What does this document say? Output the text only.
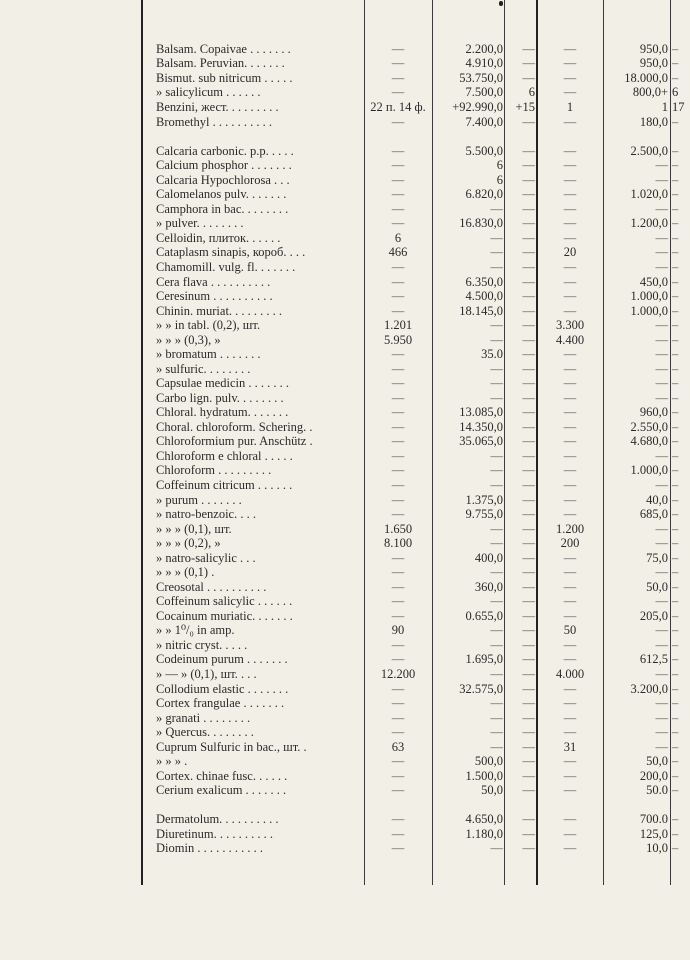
Balsam. Copaivae . . . . . . .	—	2.200,0	—	—	950,0 –
Balsam. Peruvian. . . . . . .	—	4.910,0	—	—	950,0 –
Bismut. sub nitricum . . . . .	—	53.750,0	—	—	18.000,0 –
» salicylicum . . . . . .	—	7.500,0	6	—	800,0+ 6
Benzini, жест. . . . . . . . .	22 п. 14 ф.	+92.990,0 +15	1	1 17
Bromethyl . . . . . . . . . .	—	7.400,0	—	—	180,0 –
Calcaria carbonic. p.p. . . . .	—	5.500,0	—	—	2.500,0 –
Calcium phosphor . . . . . . .	—	6	—	—	— –
Calcaria Hypochlorosa . . .	—	6	—	—	— –
Calomelanos pulv. . . . . . .	—	6.820,0	—	—	1.020,0 –
Camphora in bac. . . . . . . .	—	—	—	—	— –
» pulver. . . . . . . .	—	16.830,0	—	—	1.200,0 –
Celloidin, плиток. . . . . .	6	—	—	—	— –
Cataplasm sinapis, короб. . . .	466	—	—	20	— –
Chamomill. vulg. fl. . . . . . .	—	—	—	—	— –
Cera flava . . . . . . . . . .	—	6.350,0	—	—	450,0 –
Ceresinum . . . . . . . . . .	—	4.500,0	—	—	1.000,0 –
Chinin. muriat. . . . . . . . .	—	18.145,0	—	—	1.000,0 –
» » in tabl. (0,2), шт.	1.201	—	—	3.300	— –
» » » (0,3), »	5.950	—	—	4.400	— –
» bromatum . . . . . . .	—	35.0	—	—	— –
» sulfuric. . . . . . . .	—	—	—	—	— –
Capsulae medicin . . . . . . .	—	—	—	—	— –
Carbo lign. pulv. . . . . . . .	—	—	—	—	— –
Chloral. hydratum. . . . . . .	—	13.085,0	—	—	960,0 –
Choral. chloroform. Schering. .	—	14.350,0	—	—	2.550,0 –
Chloroformium pur. Anschütz .	—	35.065,0	—	—	4.680,0 –
Chloroform e chloral . . . . .	—	—	—	—	— –
Chloroform . . . . . . . . .	—	—	—	—	1.000,0 –
Coffeinum citricum . . . . . .	—	—	—	—	— –
» purum . . . . . . .	—	1.375,0	—	—	40,0 –
» natro-benzoic. . . .	—	9.755,0	—	—	685,0 –
» » » (0,1), шт.	1.650	—	—	1.200	— –
» » » (0,2), »	8.100	—	—	200	— –
» natro-salicylic . . .	—	400,0	—	—	75,0 –
» » » (0,1) .	—	—	—	—	— –
Creosotal . . . . . . . . . .	—	360,0	—	—	50,0 –
Coffeinum salicylic . . . . . .	—	—	—	—	— –
Cocainum muriatic. . . . . . .	—	0.655,0	—	—	205,0 –
» » 1⁰/₀ in amp.	90	—	—	50	— –
» nitric cryst. . . . .	—	—	—	—	— –
Codeinum purum . . . . . . .	—	1.695,0	—	—	612,5 –
» — » (0,1), шт. . . .	12.200	—	—	4.000	— –
Collodium elastic . . . . . . .	—	32.575,0	—	—	3.200,0 –
Cortex frangulae . . . . . . .	—	—	—	—	— –
» granati . . . . . . . .	—	—	—	—	— –
» Quercus. . . . . . . .	—	—	—	—	— –
Cuprum Sulfuric in bac., шт. .	63	—	—	31	— –
» » » .	—	500,0	—	—	50,0 –
Cortex. chinae fusc. . . . . .	—	1.500,0	—	—	200,0 –
Cerium exalicum . . . . . . .	—	50,0	—	—	50.0 –
Dermatolum. . . . . . . . . .	—	4.650,0	—	—	700.0 –
Diuretinum. . . . . . . . . .	—	1.180,0	—	—	125,0 –
Diomin . . . . . . . . . . .	—	—	—	—	10,0 –
